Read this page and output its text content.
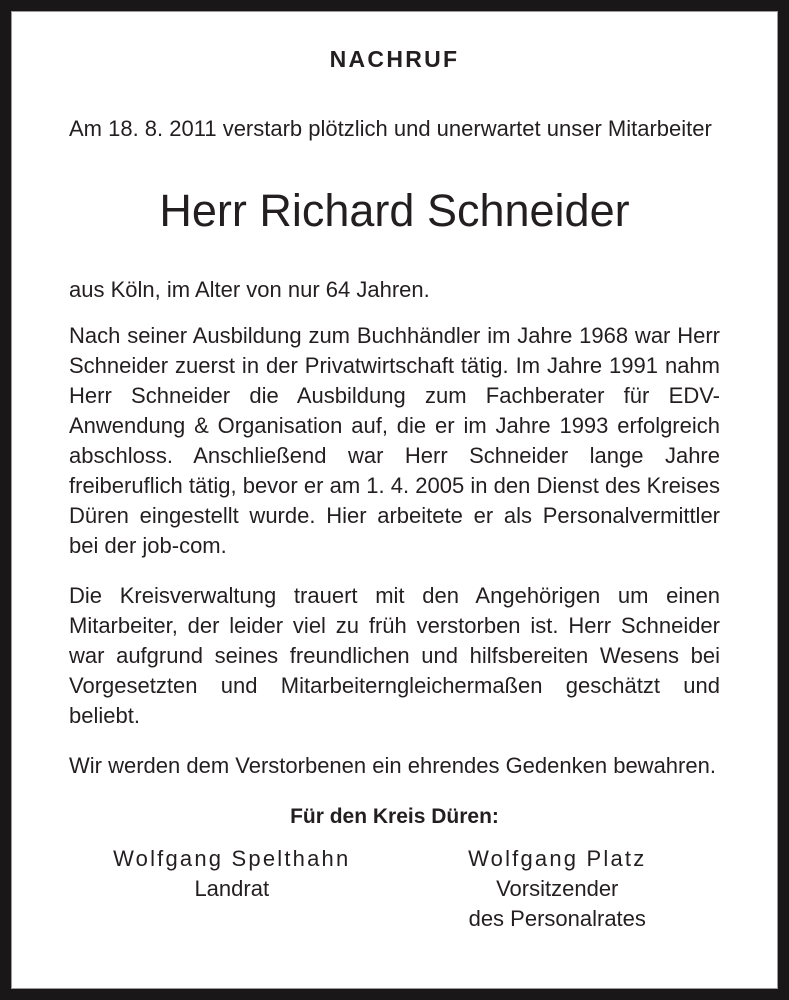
NACHRUF

Am 18. 8. 2011 verstarb plötzlich und unerwartet unser Mitarbeiter

Herr Richard Schneider

aus Köln, im Alter von nur 64 Jahren.

Nach seiner Ausbildung zum Buchhändler im Jahre 1968 war Herr Schneider zuerst in der Privatwirtschaft tätig. Im Jahre 1991 nahm Herr Schneider die Ausbildung zum Fachberater für EDV-Anwendung & Organisation auf, die er im Jahre 1993 erfolgreich abschloss. Anschließend war Herr Schneider lange Jahre freiberuflich tätig, bevor er am 1. 4. 2005 in den Dienst des Kreises Düren eingestellt wurde. Hier arbeitete er als Personalvermittler bei der job-com.

Die Kreisverwaltung trauert mit den Angehörigen um einen Mitarbeiter, der leider viel zu früh verstorben ist. Herr Schneider war aufgrund seines freundlichen und hilfsbereiten Wesens bei Vorgesetzten und Mitarbeiterngleichermaßen geschätzt und beliebt.

Wir werden dem Verstorbenen ein ehrendes Gedenken bewahren.

Für den Kreis Düren:
Wolfgang Spelthahn
Landrat
Wolfgang Platz
Vorsitzender
des Personalrates
